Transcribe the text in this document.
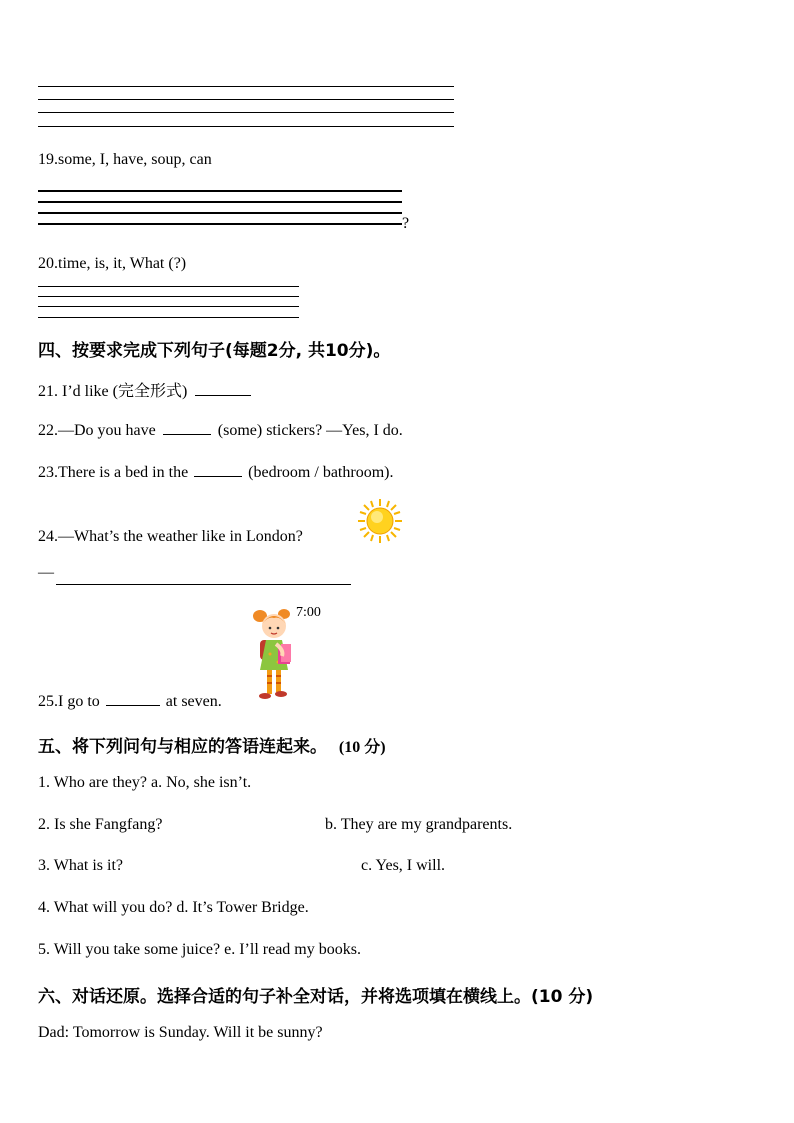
19.some, I, have, soup, can
?
20.time, is, it, What (?)
四、按要求完成下列句子(每题2分, 共10分)。
21. I’d like (完全形式)
22.—Do you have	(some) stickers? —Yes, I do.
23.There is a bed in the	(bedroom / bathroom).
24.—What’s the weather like in London?
—
7:00
25.I go to	at seven.
五、将下列问句与相应的答语连起来。 (10 分)
1. Who are they? a. No, she isn’t.
2. Is she Fangfang?	b. They are my grandparents.
3. What is it?	c. Yes, I will.
4. What will you do? d. It’s Tower Bridge.
5. Will you take some juice? e. I’ll read my books.
六、对话还原。选择合适的句子补全对话，并将选项填在横线上。(10 分)
Dad: Tomorrow is Sunday. Will it be sunny?
